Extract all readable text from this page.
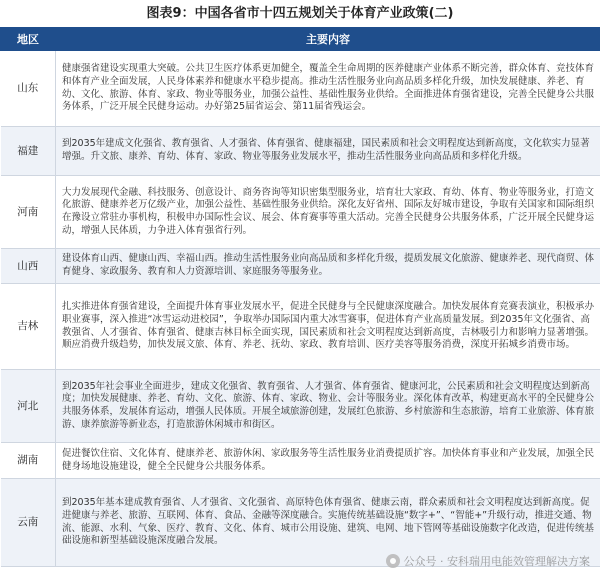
图表9：中国各省市十四五规划关于体育产业政策(二)
地区	主要内容
山东	健康强省建设实现重大突破。公共卫生医疗体系更加健全，覆盖全生命周期的医养健康产业体系不断完善，群众体育、竞技体育和体育产业全面发展，人民身体素养和健康水平稳步提高。推动生活性服务业向高品质多样化升级，加快发展健康、养老、育幼、文化、旅游、体育、家政、物业等服务业，加强公益性、基础性服务业供给。全面推进体育强省建设，完善全民健身公共服务体系，广泛开展全民健身运动。办好第25届省运会、第11届省残运会。
福建	到2035年建成文化强省、教育强省、人才强省、体育强省、健康福建，国民素质和社会文明程度达到新高度，文化软实力显著增强。升文旅、康养、育幼、体育、家政、物业等服务业发展水平，推动生活性服务业向高品质和多样化升级。
河南	大力发展现代金融、科技服务、创意设计、商务咨询等知识密集型服务业，培育壮大家政、育幼、体育、物业等服务业，打造文化旅游、健康养老万亿级产业，加强公益性、基础性服务业供给。深化友好省州、国际友好城市建设，争取有关国家和国际组织在豫设立常驻办事机构，积极申办国际性会议、展会、体育赛事等重大活动。完善全民健身公共服务体系，广泛开展全民健身运动，增强人民体质，力争进入体育强省行列。
山西	建设体育山西、健康山西、幸福山西。推动生活性服务业向高品质和多样化升级，提质发展文化旅游、健康养老、现代商贸、体育健身、家政服务、教育和人力资源培训、家庭服务等服务业。
吉林	扎实推进体育强省建设，全面提升体育事业发展水平，促进全民健身与全民健康深度融合。加快发展体育竞赛表演业，积极承办职业赛事，深入推进“冰雪运动进校园”，争取举办国际国内重大冰雪赛事，促进体育产业高质量发展。到2035年文化强省、高教强省、人才强省、体育强省、健康吉林目标全面实现，国民素质和社会文明程度达到新高度，吉林吸引力和影响力显著增强。顺应消费升级趋势，加快发展文旅、体育、养老、抚幼、家政、教育培训、医疗美容等服务消费，深度开拓城乡消费市场。
河北	到2035年社会事业全面进步，建成文化强省、教育强省、人才强省、体育强省、健康河北，公民素质和社会文明程度达到新高度；加快发展健康、养老、育幼、文化、旅游、体育、家政、物业、会计等服务业。深化体育改革，构建更高水平的全民健身公共服务体系，发展体育运动，增强人民体质。开展全域旅游创建，发展红色旅游、乡村旅游和生态旅游，培育工业旅游、体育旅游、康养旅游等新业态，打造旅游休闲城市和街区。
湖南	促进餐饮住宿、文化体育、健康养老、旅游休闲、家政服务等生活性服务业消费提质扩容。加快体育事业和产业发展，加强全民健身场地设施建设，健全全民健身公共服务体系。
云南	到2035年基本建成教育强省、人才强省、文化强省、高原特色体育强省、健康云南，群众素质和社会文明程度达到新高度。促进健康与养老、旅游、互联网、体育、食品、金融等深度融合。实施传统基础设施“数字+”、“智能+”升级行动，推进交通、物流、能源、水利、气象、医疗、教育、文化、体育、城市公用设施、建筑、电网、地下管网等基础设施数字化改造，促进传统基础设施和新型基础设施深度融合发展。
公众号 · 安科瑞用电能效管理解决方案
